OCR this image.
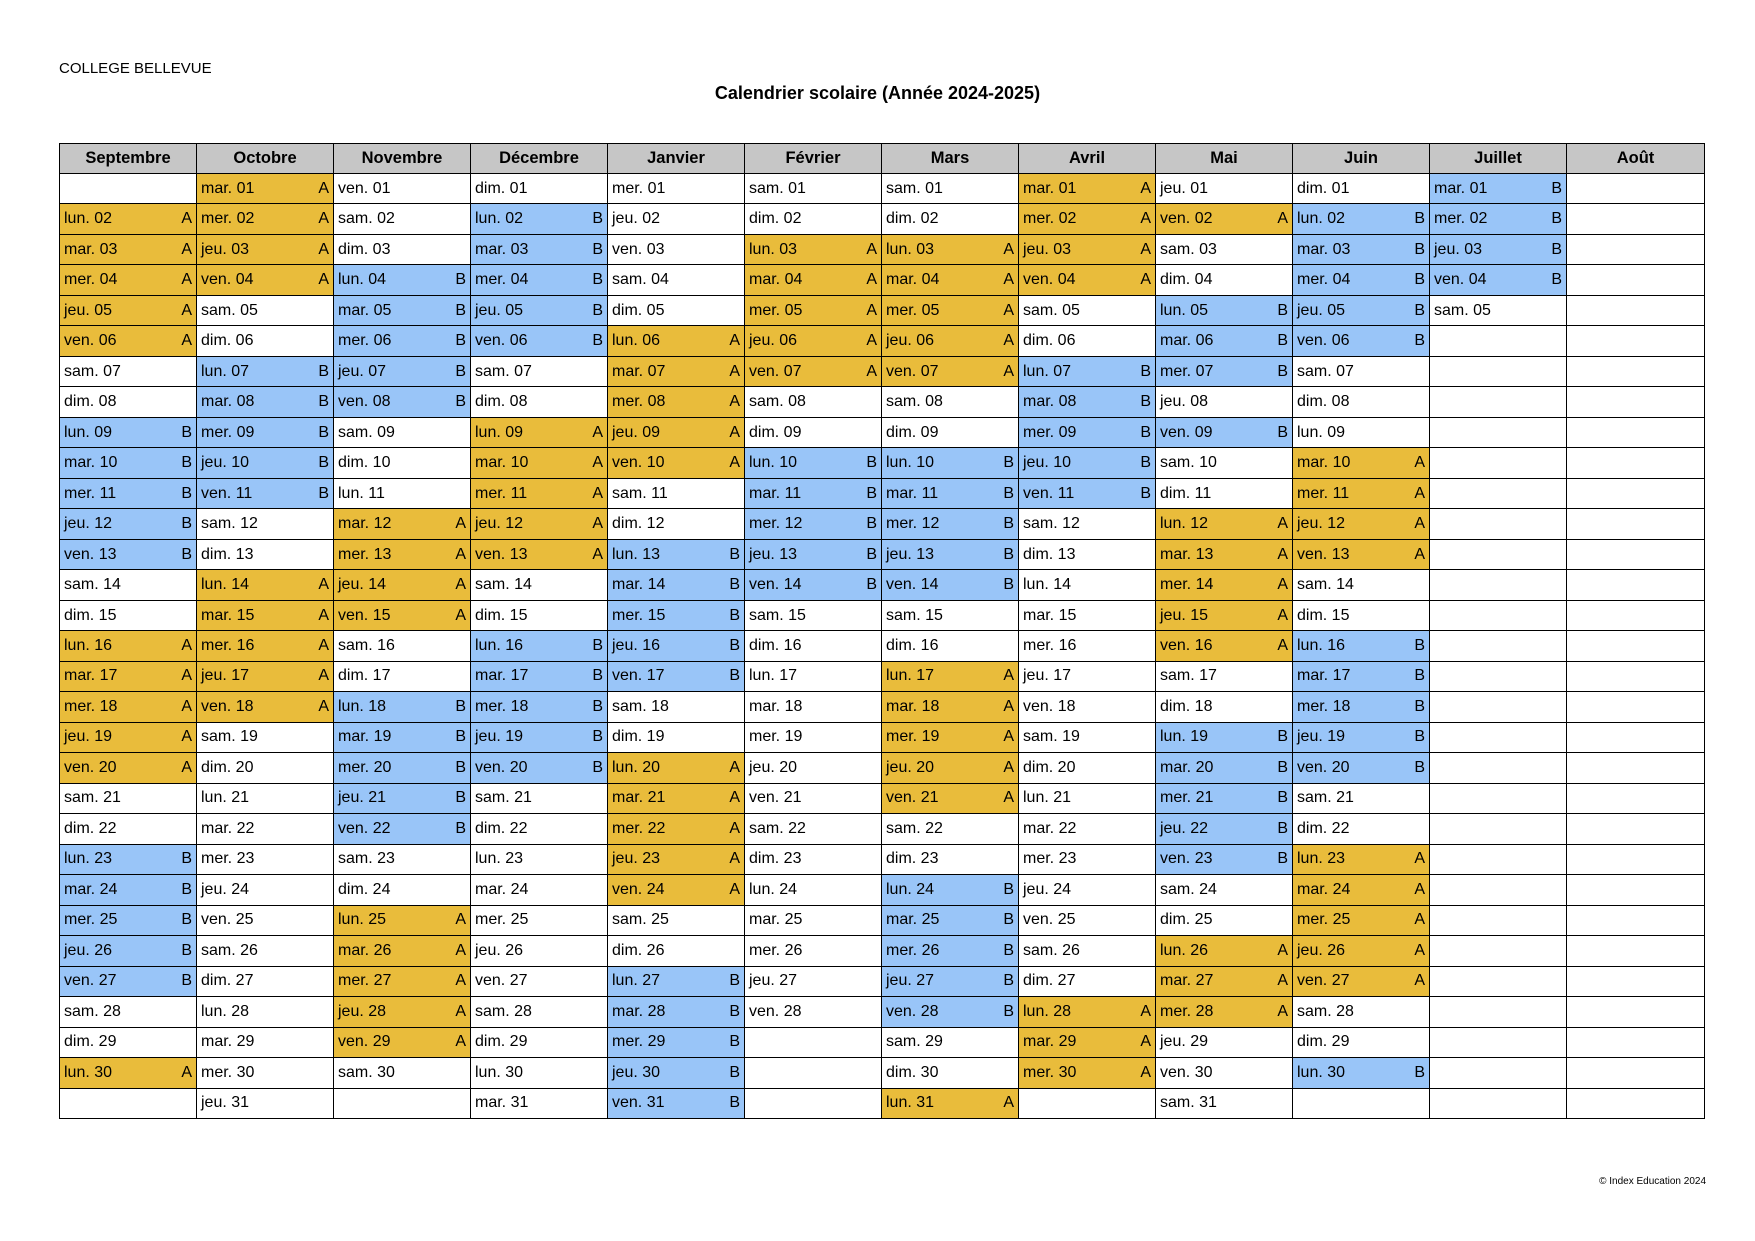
COLLEGE BELLEVUE
Calendrier scolaire (Année 2024-2025)
Septembre
lun. 02	A
mar. 03	A
mer. 04	A
jeu. 05	A
ven. 06	A
sam. 07
dim. 08
lun. 09	B
mar. 10	B
mer. 11	B
jeu. 12	B
ven. 13	B
sam. 14
dim. 15
lun. 16	A
mar. 17	A
mer. 18	A
jeu. 19	A
ven. 20	A
sam. 21
dim. 22
lun. 23	B
mar. 24	B
mer. 25	B
jeu. 26	B
ven. 27	B
sam. 28
dim. 29
lun. 30	A
Octobre
mar. 01	A
mer. 02	A
jeu. 03	A
ven. 04	A
sam. 05
dim. 06
lun. 07	B
mar. 08	B
mer. 09	B
jeu. 10	B
ven. 11	B
sam. 12
dim. 13
lun. 14	A
mar. 15	A
mer. 16	A
jeu. 17	A
ven. 18	A
sam. 19
dim. 20
lun. 21
mar. 22
mer. 23
jeu. 24
ven. 25
sam. 26
dim. 27
lun. 28
mar. 29
mer. 30
jeu. 31
Novembre
ven. 01
sam. 02
dim. 03
lun. 04	B
mar. 05	B
mer. 06	B
jeu. 07	B
ven. 08	B
sam. 09
dim. 10
lun. 11
mar. 12	A
mer. 13	A
jeu. 14	A
ven. 15	A
sam. 16
dim. 17
lun. 18	B
mar. 19	B
mer. 20	B
jeu. 21	B
ven. 22	B
sam. 23
dim. 24
lun. 25	A
mar. 26	A
mer. 27	A
jeu. 28	A
ven. 29	A
sam. 30
Décembre
dim. 01
lun. 02	B
mar. 03	B
mer. 04	B
jeu. 05	B
ven. 06	B
sam. 07
dim. 08
lun. 09	A
mar. 10	A
mer. 11	A
jeu. 12	A
ven. 13	A
sam. 14
dim. 15
lun. 16	B
mar. 17	B
mer. 18	B
jeu. 19	B
ven. 20	B
sam. 21
dim. 22
lun. 23
mar. 24
mer. 25
jeu. 26
ven. 27
sam. 28
dim. 29
lun. 30
mar. 31
Janvier
mer. 01
jeu. 02
ven. 03
sam. 04
dim. 05
lun. 06	A
mar. 07	A
mer. 08	A
jeu. 09	A
ven. 10	A
sam. 11
dim. 12
lun. 13	B
mar. 14	B
mer. 15	B
jeu. 16	B
ven. 17	B
sam. 18
dim. 19
lun. 20	A
mar. 21	A
mer. 22	A
jeu. 23	A
ven. 24	A
sam. 25
dim. 26
lun. 27	B
mar. 28	B
mer. 29	B
jeu. 30	B
ven. 31	B
Février
sam. 01
dim. 02
lun. 03	A
mar. 04	A
mer. 05	A
jeu. 06	A
ven. 07	A
sam. 08
dim. 09
lun. 10	B
mar. 11	B
mer. 12	B
jeu. 13	B
ven. 14	B
sam. 15
dim. 16
lun. 17
mar. 18
mer. 19
jeu. 20
ven. 21
sam. 22
dim. 23
lun. 24
mar. 25
mer. 26
jeu. 27
ven. 28
Mars
sam. 01
dim. 02
lun. 03	A
mar. 04	A
mer. 05	A
jeu. 06	A
ven. 07	A
sam. 08
dim. 09
lun. 10	B
mar. 11	B
mer. 12	B
jeu. 13	B
ven. 14	B
sam. 15
dim. 16
lun. 17	A
mar. 18	A
mer. 19	A
jeu. 20	A
ven. 21	A
sam. 22
dim. 23
lun. 24	B
mar. 25	B
mer. 26	B
jeu. 27	B
ven. 28	B
sam. 29
dim. 30
lun. 31	A
Avril
mar. 01	A
mer. 02	A
jeu. 03	A
ven. 04	A
sam. 05
dim. 06
lun. 07	B
mar. 08	B
mer. 09	B
jeu. 10	B
ven. 11	B
sam. 12
dim. 13
lun. 14
mar. 15
mer. 16
jeu. 17
ven. 18
sam. 19
dim. 20
lun. 21
mar. 22
mer. 23
jeu. 24
ven. 25
sam. 26
dim. 27
lun. 28	A
mar. 29	A
mer. 30	A
Mai
jeu. 01
ven. 02	A
sam. 03
dim. 04
lun. 05	B
mar. 06	B
mer. 07	B
jeu. 08
ven. 09	B
sam. 10
dim. 11
lun. 12	A
mar. 13	A
mer. 14	A
jeu. 15	A
ven. 16	A
sam. 17
dim. 18
lun. 19	B
mar. 20	B
mer. 21	B
jeu. 22	B
ven. 23	B
sam. 24
dim. 25
lun. 26	A
mar. 27	A
mer. 28	A
jeu. 29
ven. 30
sam. 31
Juin
dim. 01
lun. 02	B
mar. 03	B
mer. 04	B
jeu. 05	B
ven. 06	B
sam. 07
dim. 08
lun. 09
mar. 10	A
mer. 11	A
jeu. 12	A
ven. 13	A
sam. 14
dim. 15
lun. 16	B
mar. 17	B
mer. 18	B
jeu. 19	B
ven. 20	B
sam. 21
dim. 22
lun. 23	A
mar. 24	A
mer. 25	A
jeu. 26	A
ven. 27	A
sam. 28
dim. 29
lun. 30	B
Juillet
mar. 01	B
mer. 02	B
jeu. 03	B
ven. 04	B
sam. 05
Août
© Index Education 2024
